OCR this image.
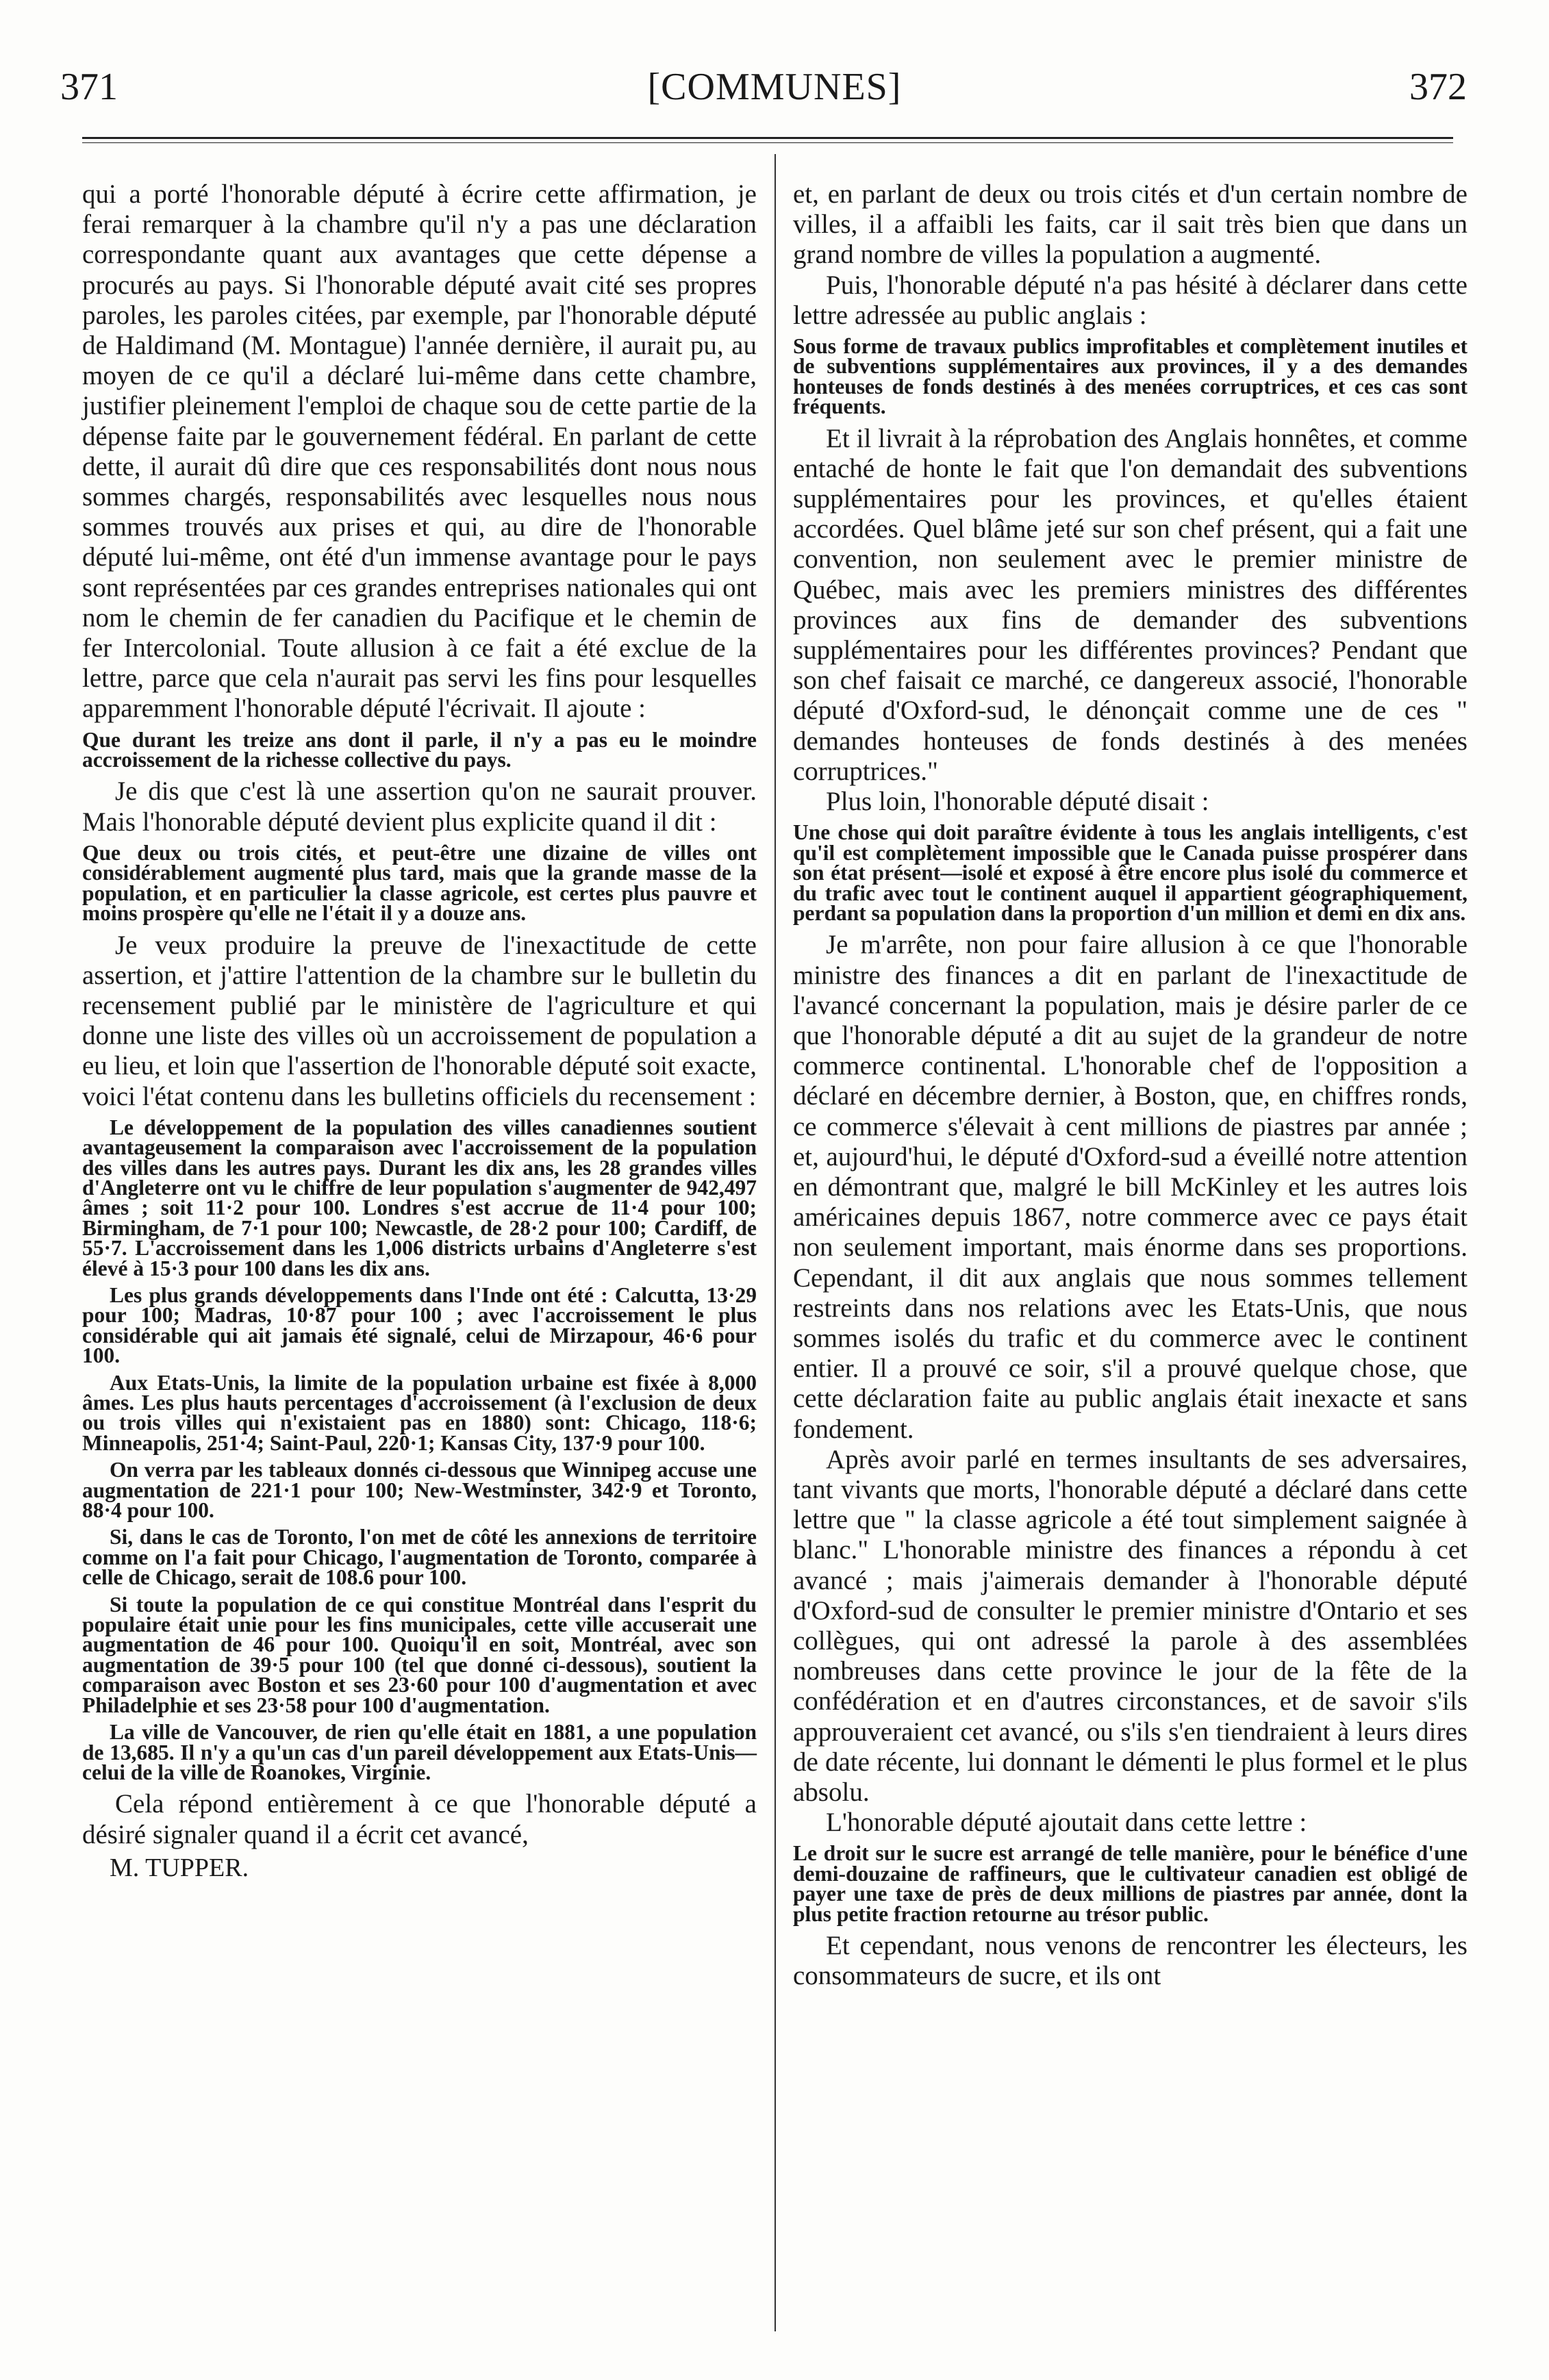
371	[COMMUNES]	372

qui a porté l'honorable député à écrire cette affirmation, je ferai remarquer à la chambre qu'il n'y a pas une déclaration correspondante quant aux avantages que cette dépense a procurés au pays. Si l'honorable député avait cité ses propres paroles, les paroles citées, par exemple, par l'honorable député de Haldimand (M. Montague) l'année dernière, il aurait pu, au moyen de ce qu'il a déclaré lui-même dans cette chambre, justifier pleinement l'emploi de chaque sou de cette partie de la dépense faite par le gouvernement fédéral. En parlant de cette dette, il aurait dû dire que ces responsabilités dont nous nous sommes chargés, responsabilités avec lesquelles nous nous sommes trouvés aux prises et qui, au dire de l'honorable député lui-même, ont été d'un immense avantage pour le pays sont représentées par ces grandes entreprises nationales qui ont nom le chemin de fer canadien du Pacifique et le chemin de fer Intercolonial. Toute allusion à ce fait a été exclue de la lettre, parce que cela n'aurait pas servi les fins pour lesquelles apparemment l'honorable député l'écrivait. Il ajoute :

Que durant les treize ans dont il parle, il n'y a pas eu le moindre accroissement de la richesse collective du pays.

Je dis que c'est là une assertion qu'on ne saurait prouver. Mais l'honorable député devient plus explicite quand il dit :

Que deux ou trois cités, et peut-être une dizaine de villes ont considérablement augmenté plus tard, mais que la grande masse de la population, et en particulier la classe agricole, est certes plus pauvre et moins prospère qu'elle ne l'était il y a douze ans.

Je veux produire la preuve de l'inexactitude de cette assertion, et j'attire l'attention de la chambre sur le bulletin du recensement publié par le ministère de l'agriculture et qui donne une liste des villes où un accroissement de population a eu lieu, et loin que l'assertion de l'honorable député soit exacte, voici l'état contenu dans les bulletins officiels du recensement :

Le développement de la population des villes canadiennes soutient avantageusement la comparaison avec l'accroissement de la population des villes dans les autres pays. Durant les dix ans, les 28 grandes villes d'Angleterre ont vu le chiffre de leur population s'augmenter de 942,497 âmes ; soit 11·2 pour 100. Londres s'est accrue de 11·4 pour 100; Birmingham, de 7·1 pour 100; Newcastle, de 28·2 pour 100; Cardiff, de 55·7. L'accroissement dans les 1,006 districts urbains d'Angleterre s'est élevé à 15·3 pour 100 dans les dix ans.

Les plus grands développements dans l'Inde ont été : Calcutta, 13·29 pour 100; Madras, 10·87 pour 100 ; avec l'accroissement le plus considérable qui ait jamais été signalé, celui de Mirzapour, 46·6 pour 100.

Aux Etats-Unis, la limite de la population urbaine est fixée à 8,000 âmes. Les plus hauts percentages d'accroissement (à l'exclusion de deux ou trois villes qui n'existaient pas en 1880) sont: Chicago, 118·6; Minneapolis, 251·4; Saint-Paul, 220·1; Kansas City, 137·9 pour 100.

On verra par les tableaux donnés ci-dessous que Winnipeg accuse une augmentation de 221·1 pour 100; New-Westminster, 342·9 et Toronto, 88·4 pour 100.

Si, dans le cas de Toronto, l'on met de côté les annexions de territoire comme on l'a fait pour Chicago, l'augmentation de Toronto, comparée à celle de Chicago, serait de 108.6 pour 100.

Si toute la population de ce qui constitue Montréal dans l'esprit du populaire était unie pour les fins municipales, cette ville accuserait une augmentation de 46 pour 100. Quoiqu'il en soit, Montréal, avec son augmentation de 39·5 pour 100 (tel que donné ci-dessous), soutient la comparaison avec Boston et ses 23·60 pour 100 d'augmentation et avec Philadelphie et ses 23·58 pour 100 d'augmentation.

La ville de Vancouver, de rien qu'elle était en 1881, a une population de 13,685. Il n'y a qu'un cas d'un pareil développement aux Etats-Unis—celui de la ville de Roanokes, Virginie.

Cela répond entièrement à ce que l'honorable député a désiré signaler quand il a écrit cet avancé,

M. TUPPER.

et, en parlant de deux ou trois cités et d'un certain nombre de villes, il a affaibli les faits, car il sait très bien que dans un grand nombre de villes la population a augmenté.

Puis, l'honorable député n'a pas hésité à déclarer dans cette lettre adressée au public anglais :

Sous forme de travaux publics improfitables et complètement inutiles et de subventions supplémentaires aux provinces, il y a des demandes honteuses de fonds destinés à des menées corruptrices, et ces cas sont fréquents.

Et il livrait à la réprobation des Anglais honnêtes, et comme entaché de honte le fait que l'on demandait des subventions supplémentaires pour les provinces, et qu'elles étaient accordées. Quel blâme jeté sur son chef présent, qui a fait une convention, non seulement avec le premier ministre de Québec, mais avec les premiers ministres des différentes provinces aux fins de demander des subventions supplémentaires pour les différentes provinces? Pendant que son chef faisait ce marché, ce dangereux associé, l'honorable député d'Oxford-sud, le dénonçait comme une de ces " demandes honteuses de fonds destinés à des menées corruptrices."

Plus loin, l'honorable député disait :

Une chose qui doit paraître évidente à tous les anglais intelligents, c'est qu'il est complètement impossible que le Canada puisse prospérer dans son état présent—isolé et exposé à être encore plus isolé du commerce et du trafic avec tout le continent auquel il appartient géographiquement, perdant sa population dans la proportion d'un million et demi en dix ans.

Je m'arrête, non pour faire allusion à ce que l'honorable ministre des finances a dit en parlant de l'inexactitude de l'avancé concernant la population, mais je désire parler de ce que l'honorable député a dit au sujet de la grandeur de notre commerce continental. L'honorable chef de l'opposition a déclaré en décembre dernier, à Boston, que, en chiffres ronds, ce commerce s'élevait à cent millions de piastres par année ; et, aujourd'hui, le député d'Oxford-sud a éveillé notre attention en démontrant que, malgré le bill McKinley et les autres lois américaines depuis 1867, notre commerce avec ce pays était non seulement important, mais énorme dans ses proportions. Cependant, il dit aux anglais que nous sommes tellement restreints dans nos relations avec les Etats-Unis, que nous sommes isolés du trafic et du commerce avec le continent entier. Il a prouvé ce soir, s'il a prouvé quelque chose, que cette déclaration faite au public anglais était inexacte et sans fondement.

Après avoir parlé en termes insultants de ses adversaires, tant vivants que morts, l'honorable député a déclaré dans cette lettre que " la classe agricole a été tout simplement saignée à blanc." L'honorable ministre des finances a répondu à cet avancé ; mais j'aimerais demander à l'honorable député d'Oxford-sud de consulter le premier ministre d'Ontario et ses collègues, qui ont adressé la parole à des assemblées nombreuses dans cette province le jour de la fête de la confédération et en d'autres circonstances, et de savoir s'ils approuveraient cet avancé, ou s'ils s'en tiendraient à leurs dires de date récente, lui donnant le démenti le plus formel et le plus absolu.

L'honorable député ajoutait dans cette lettre :

Le droit sur le sucre est arrangé de telle manière, pour le bénéfice d'une demi-douzaine de raffineurs, que le cultivateur canadien est obligé de payer une taxe de près de deux millions de piastres par année, dont la plus petite fraction retourne au trésor public.

Et cependant, nous venons de rencontrer les électeurs, les consommateurs de sucre, et ils ont
